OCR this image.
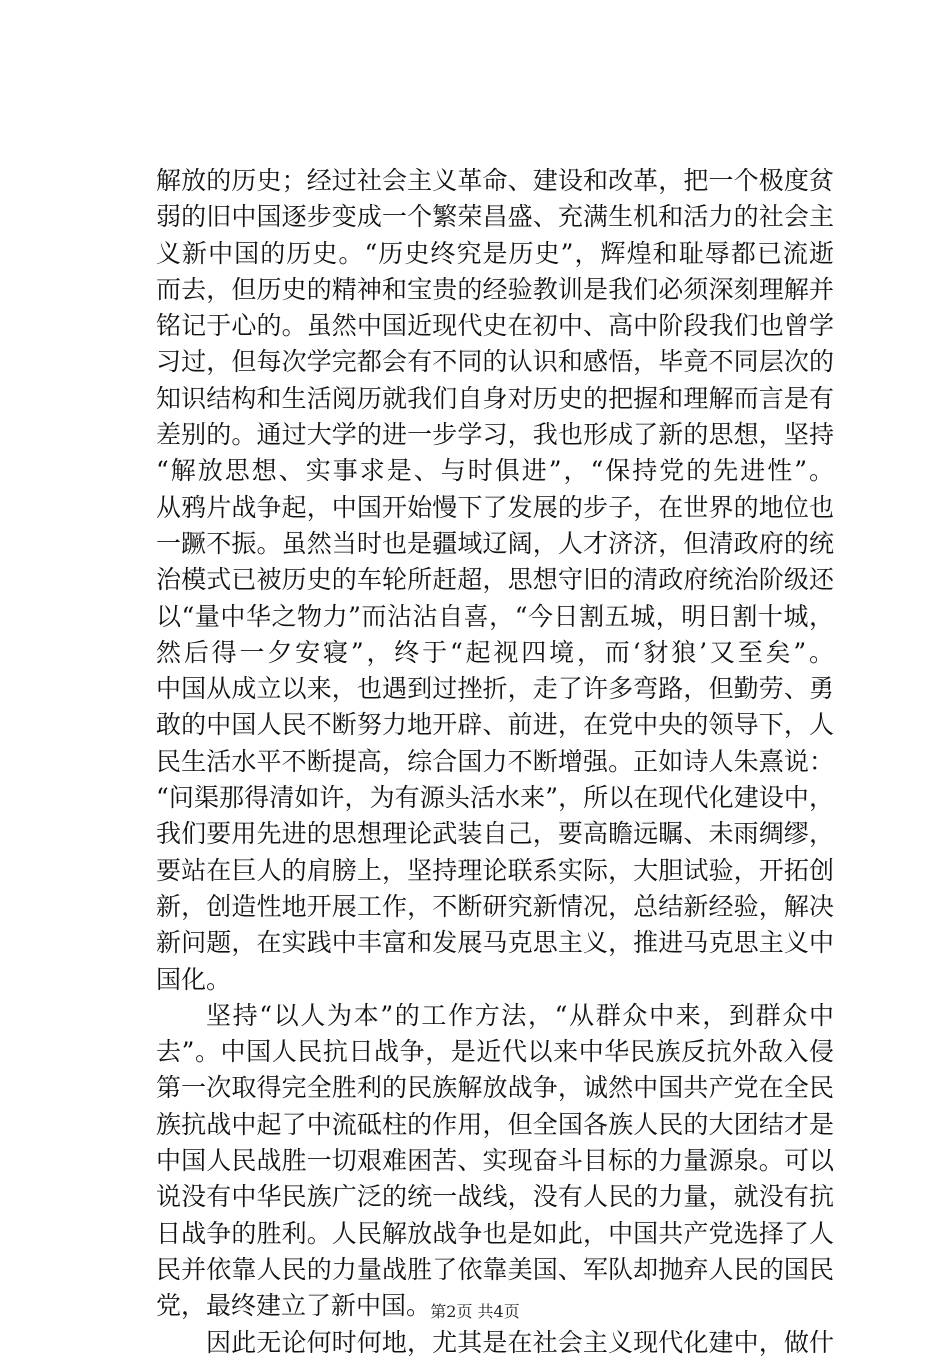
解放的历史；经过社会主义革命、建设和改革，把一个极度贫
弱的旧中国逐步变成一个繁荣昌盛、充满生机和活力的社会主
义新中国的历史。“历史终究是历史”，辉煌和耻辱都已流逝
而去，但历史的精神和宝贵的经验教训是我们必须深刻理解并
铭记于心的。虽然中国近现代史在初中、高中阶段我们也曾学
习过，但每次学完都会有不同的认识和感悟，毕竟不同层次的
知识结构和生活阅历就我们自身对历史的把握和理解而言是有
差别的。通过大学的进一步学习，我也形成了新的思想，坚持
“解放思想、实事求是、与时俱进”，“保持党的先进性”。
从鸦片战争起，中国开始慢下了发展的步子，在世界的地位也
一蹶不振。虽然当时也是疆域辽阔，人才济济，但清政府的统
治模式已被历史的车轮所赶超，思想守旧的清政府统治阶级还
以“量中华之物力”而沾沾自喜，“今日割五城，明日割十城，
然后得一夕安寝”，终于“起视四境，而‘豺狼’又至矣”。
中国从成立以来，也遇到过挫折，走了许多弯路，但勤劳、勇
敢的中国人民不断努力地开辟、前进，在党中央的领导下，人
民生活水平不断提高，综合国力不断增强。正如诗人朱熹说：
“问渠那得清如许，为有源头活水来”，所以在现代化建设中，
我们要用先进的思想理论武装自己，要高瞻远瞩、未雨绸缪，
要站在巨人的肩膀上，坚持理论联系实际，大胆试验，开拓创
新，创造性地开展工作，不断研究新情况，总结新经验，解决
新问题，在实践中丰富和发展马克思主义，推进马克思主义中
国化。
坚持“以人为本”的工作方法，“从群众中来，到群众中
去”。中国人民抗日战争，是近代以来中华民族反抗外敌入侵
第一次取得完全胜利的民族解放战争，诚然中国共产党在全民
族抗战中起了中流砥柱的作用，但全国各族人民的大团结才是
中国人民战胜一切艰难困苦、实现奋斗目标的力量源泉。可以
说没有中华民族广泛的统一战线，没有人民的力量，就没有抗
日战争的胜利。人民解放战争也是如此，中国共产党选择了人
民并依靠人民的力量战胜了依靠美国、军队却抛弃人民的国民
党，最终建立了新中国。
因此无论何时何地，尤其是在社会主义现代化建中，做什
第2页 共4页
